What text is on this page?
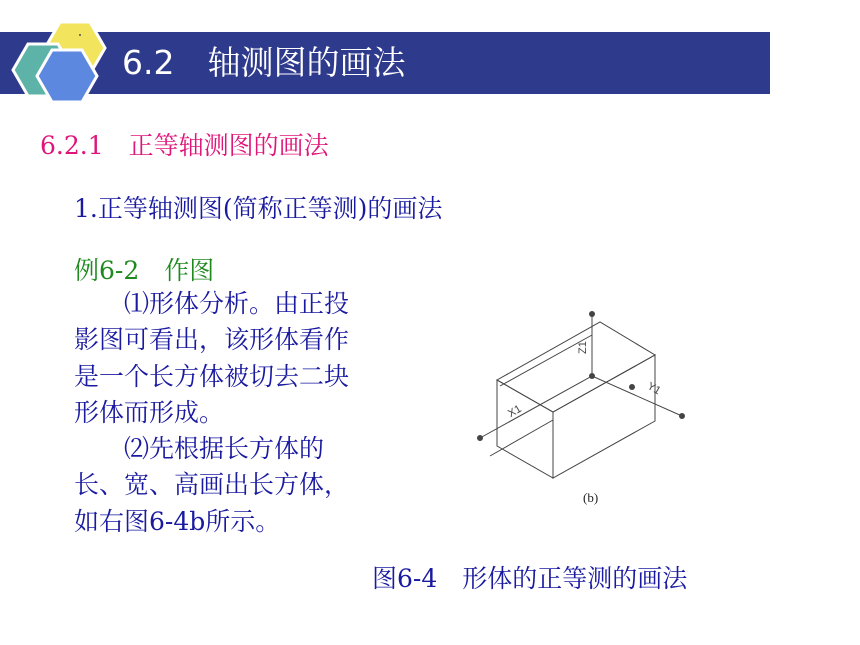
6.2　轴测图的画法
6.2.1　正等轴测图的画法
1.正等轴测图(简称正等测)的画法
例6-2　作图

⑴形体分析。由正投影图可看出，该形体看作是一个长方体被切去二块形体而形成。

⑵先根据长方体的长、宽、高画出长方体，如右图6-4b所示。

Z1
X1
Y1
(b)
图6-4　形体的正等测的画法
